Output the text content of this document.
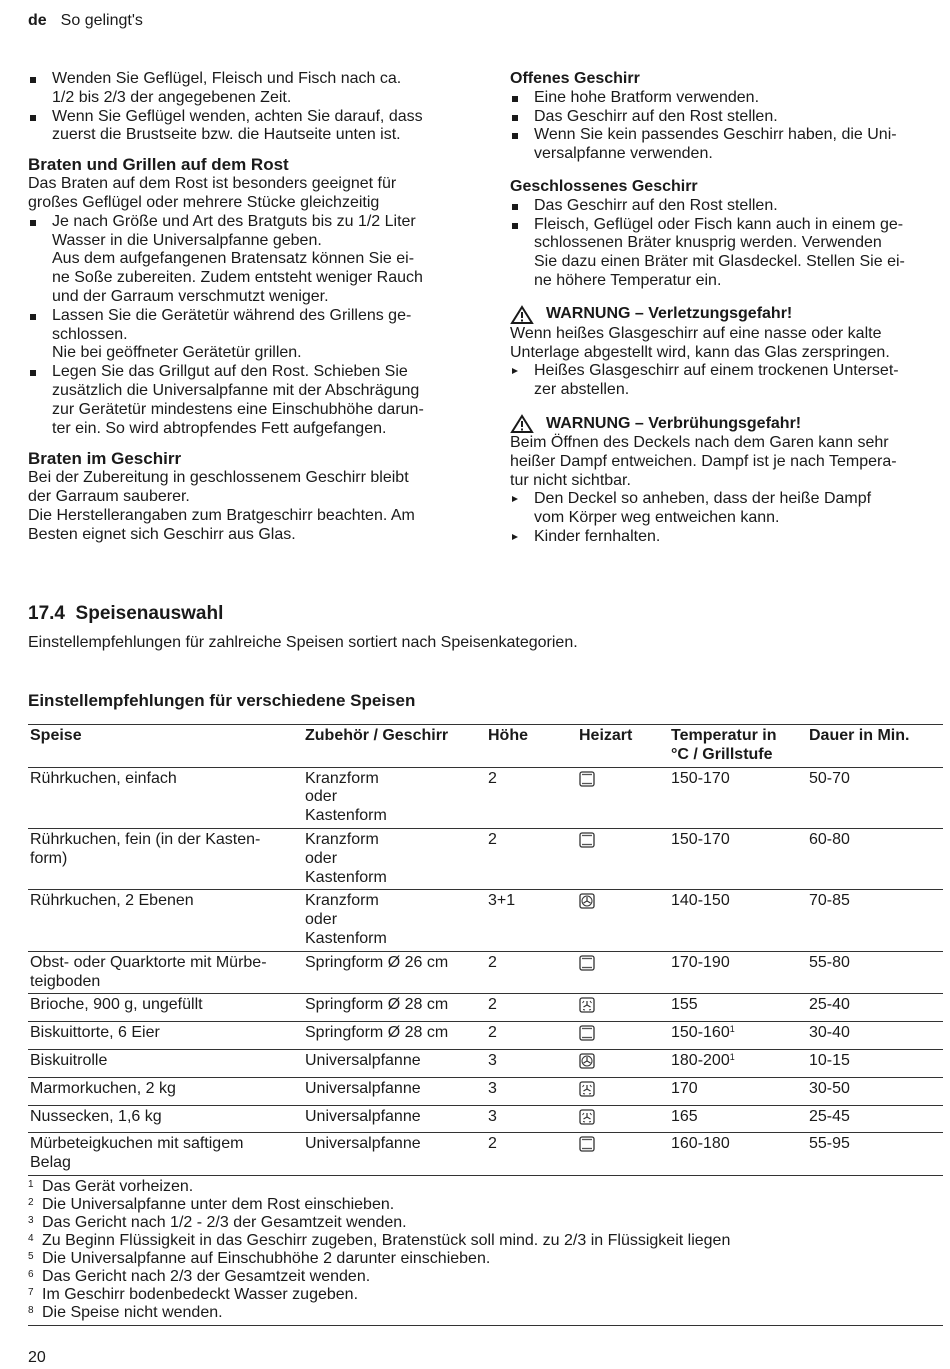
de So gelingt's
Wenden Sie Geflügel, Fleisch und Fisch nach ca.
1/2 bis 2/3 der angegebenen Zeit.
Wenn Sie Geflügel wenden, achten Sie darauf, dass
zuerst die Brustseite bzw. die Hautseite unten ist.
Braten und Grillen auf dem Rost
Das Braten auf dem Rost ist besonders geeignet für
großes Geflügel oder mehrere Stücke gleichzeitig
Je nach Größe und Art des Bratguts bis zu 1/2 Liter
Wasser in die Universalpfanne geben.
Aus dem aufgefangenen Bratensatz können Sie ei-
ne Soße zubereiten. Zudem entsteht weniger Rauch
und der Garraum verschmutzt weniger.
Lassen Sie die Gerätetür während des Grillens ge-
schlossen.
Nie bei geöffneter Gerätetür grillen.
Legen Sie das Grillgut auf den Rost. Schieben Sie
zusätzlich die Universalpfanne mit der Abschrägung
zur Gerätetür mindestens eine Einschubhöhe darun-
ter ein. So wird abtropfendes Fett aufgefangen.
Braten im Geschirr
Bei der Zubereitung in geschlossenem Geschirr bleibt
der Garraum sauberer.
Die Herstellerangaben zum Bratgeschirr beachten. Am
Besten eignet sich Geschirr aus Glas.
Offenes Geschirr
Eine hohe Bratform verwenden.
Das Geschirr auf den Rost stellen.
Wenn Sie kein passendes Geschirr haben, die Uni-
versalpfanne verwenden.
Geschlossenes Geschirr
Das Geschirr auf den Rost stellen.
Fleisch, Geflügel oder Fisch kann auch in einem ge-
schlossenen Bräter knusprig werden. Verwenden
Sie dazu einen Bräter mit Glasdeckel. Stellen Sie ei-
ne höhere Temperatur ein.
WARNUNG – Verletzungsgefahr!
Wenn heißes Glasgeschirr auf eine nasse oder kalte
Unterlage abgestellt wird, kann das Glas zerspringen.
Heißes Glasgeschirr auf einem trockenen Unterset-
zer abstellen.
WARNUNG – Verbrühungsgefahr!
Beim Öffnen des Deckels nach dem Garen kann sehr
heißer Dampf entweichen. Dampf ist je nach Tempera-
tur nicht sichtbar.
Den Deckel so anheben, dass der heiße Dampf
vom Körper weg entweichen kann.
Kinder fernhalten.
17.4 Speisenauswahl
Einstellempfehlungen für zahlreiche Speisen sortiert nach Speisenkategorien.
Einstellempfehlungen für verschiedene Speisen
Speise	Zubehör / Geschirr	Höhe	Heizart	Temperatur in
°C / Grillstufe	Dauer in Min.
Rührkuchen, einfach	Kranzform
oder
Kastenform	2		150-170	50-70
Rührkuchen, fein (in der Kasten-
form)	Kranzform
oder
Kastenform	2		150-170	60-80
Rührkuchen, 2 Ebenen	Kranzform
oder
Kastenform	3+1		140-150	70-85
Obst- oder Quarktorte mit Mürbe-
teigboden	Springform Ø 26 cm	2		170-190	55-80
Brioche, 900 g, ungefüllt	Springform Ø 28 cm	2		155	25-40
Biskuittorte, 6 Eier	Springform Ø 28 cm	2		$150-160^1$	30-40
Biskuitrolle	Universalpfanne	3		$180-200^1$	10-15
Marmorkuchen, 2 kg	Universalpfanne	3		170	30-50
Nussecken, 1,6 kg	Universalpfanne	3		165	25-45
Mürbeteigkuchen mit saftigem
Belag	Universalpfanne	2		160-180	55-95
1 Das Gerät vorheizen.
2 Die Universalpfanne unter dem Rost einschieben.
3 Das Gericht nach 1/2 - 2/3 der Gesamtzeit wenden.
4 Zu Beginn Flüssigkeit in das Geschirr zugeben, Bratenstück soll mind. zu 2/3 in Flüssigkeit liegen
5 Die Universalpfanne auf Einschubhöhe 2 darunter einschieben.
6 Das Gericht nach 2/3 der Gesamtzeit wenden.
7 Im Geschirr bodenbedeckt Wasser zugeben.
8 Die Speise nicht wenden.
20
